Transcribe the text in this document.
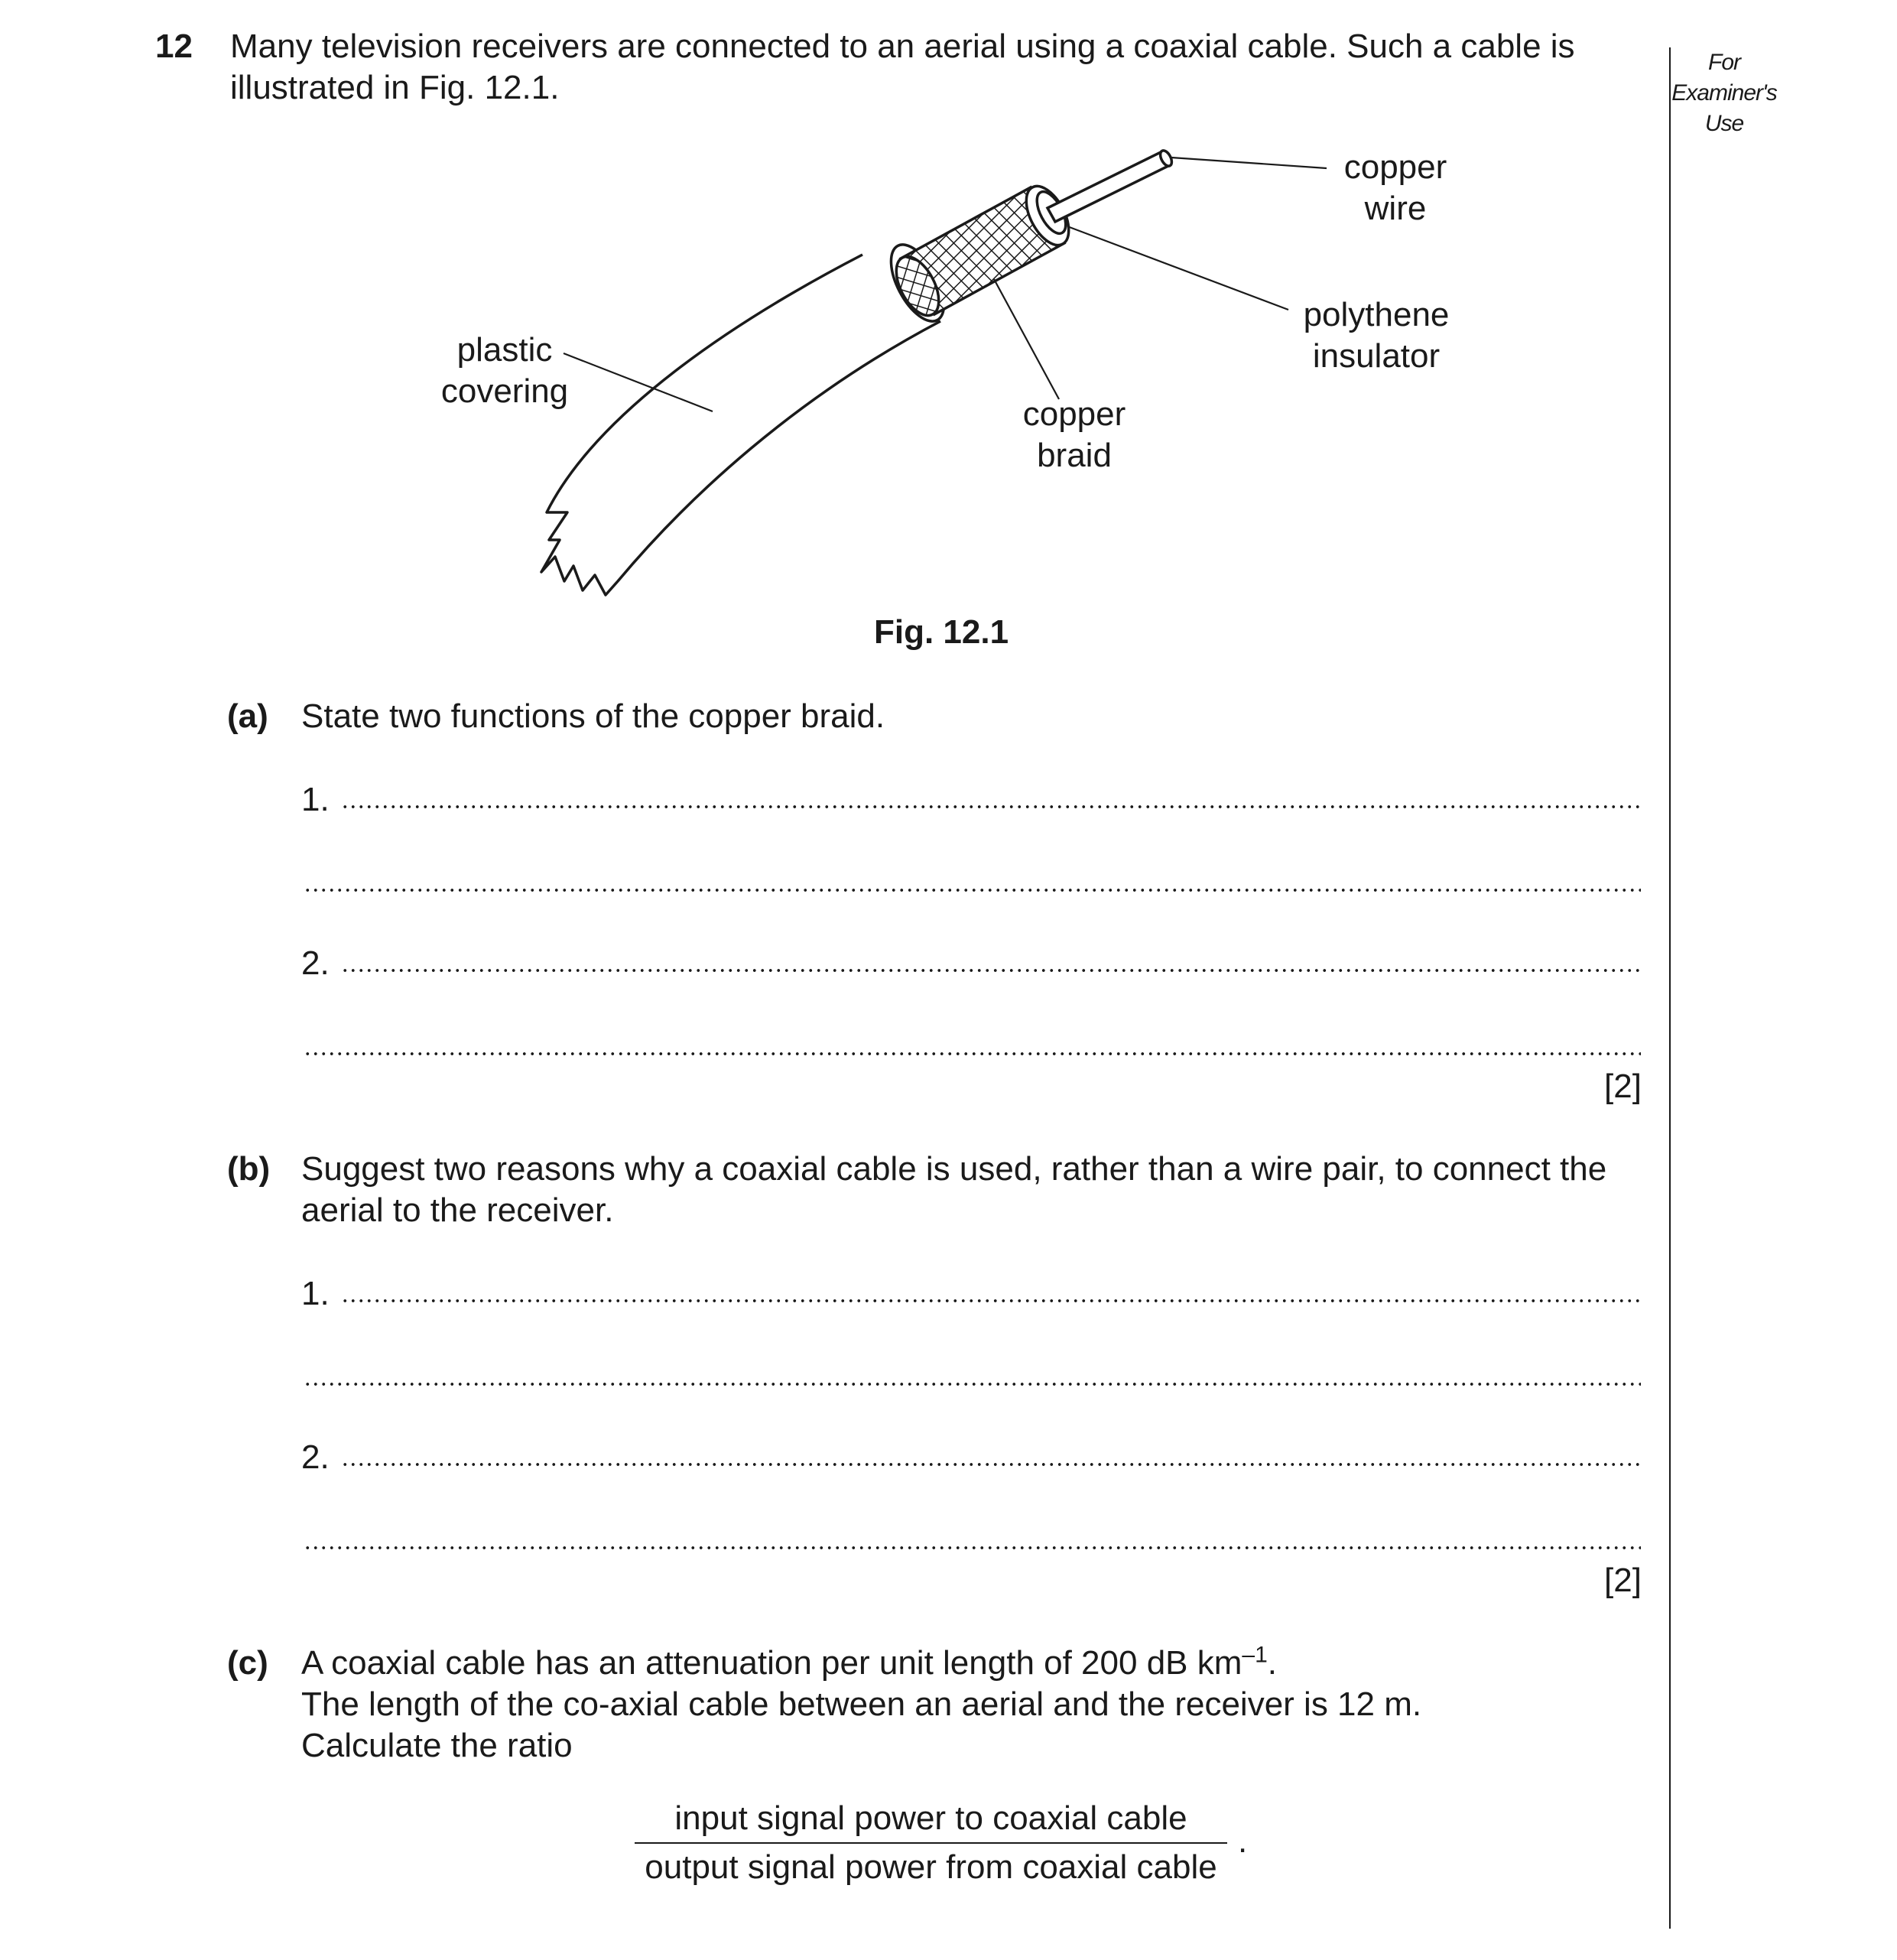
12 Many television receivers are connected to an aerial using a coaxial cable. Such a cable is
illustrated in Fig. 12.1.
For
Examiner's
Use
copper
wire
polythene
insulator
plastic
covering
copper
braid
Fig. 12.1
(a) State two functions of the copper braid.
1.
2.
[2]
(b) Suggest two reasons why a coaxial cable is used, rather than a wire pair, to connect the
aerial to the receiver.
1.
2.
[2]
(c) A coaxial cable has an attenuation per unit length of 200 dB $km^{-1}$.
The length of the co-axial cable between an aerial and the receiver is 12 m.
Calculate the ratio
input signal power to coaxial cable
.
output signal power from coaxial cable
